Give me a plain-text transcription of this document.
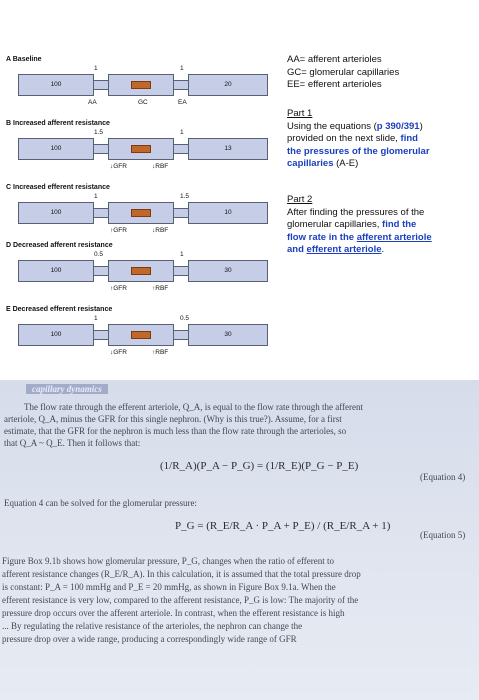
A Baseline
1	1
100	20
AA	GC	EA
B Increased afferent resistance
1.5	1
100	13
↓GFR	↓RBF
C Increased efferent resistance
1	1.5
100	10
↑GFR	↓RBF
D Decreased afferent resistance
0.5	1
100	30
↑GFR	↑RBF
E Decreased efferent resistance
1	0.5
100	30
↓GFR	↑RBF
AA= afferent arterioles
GC= glomerular capillaries
EE= efferent arterioles
Part 1
Using the equations (p 390/391)
provided on the next slide, find
the pressures of the glomerular
capillaries (A-E)
Part 2
After finding the pressures of the
glomerular capillaries, find the
flow rate in the afferent arteriole
and efferent arteriole.
capillary dynamics
The flow rate through the efferent arteriole, Q_A, is equal to the flow rate through the afferent
arteriole, Q_A, minus the GFR for this single nephron. (Why is this true?). Assume, for a first
estimate, that the GFR for the nephron is much less than the flow rate through the arterioles, so
that Q_A ~ Q_E. Then it follows that:
(1/R_A)(P_A − P_G) = (1/R_E)(P_G − P_E)
(Equation 4)
Equation 4 can be solved for the glomerular pressure:
P_G = (R_E/R_A · P_A + P_E) / (R_E/R_A + 1)
(Equation 5)
Figure Box 9.1b shows how glomerular pressure, P_G, changes when the ratio of efferent to
afferent resistance changes (R_E/R_A). In this calculation, it is assumed that the total pressure drop
is constant: P_A = 100 mmHg and P_E = 20 mmHg, as shown in Figure Box 9.1a. When the
efferent resistance is very low, compared to the afferent resistance, P_G is low: The majority of the
pressure drop occurs over the afferent arteriole. In contrast, when the efferent resistance is high
... By regulating the relative resistance of the arterioles, the nephron can change the
pressure drop over a wide range, producing a correspondingly wide range of GFR
